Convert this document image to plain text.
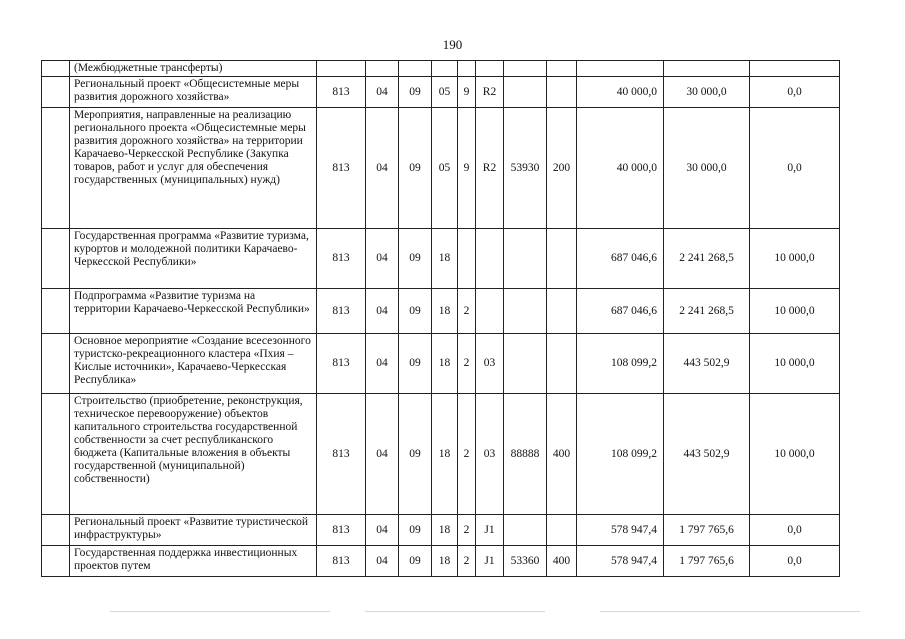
190
	(Межбюджетные трансферты)											
	Региональный проект «Общесистемные меры развития дорожного хозяйства»	813	04	09	05	9	R2			40 000,0	30 000,0	0,0
	Мероприятия, направленные на реализацию регионального проекта «Общесистемные меры развития дорожного хозяйства» на территории Карачаево-Черкесской Республике (Закупка товаров, работ и услуг для обеспечения государственных (муниципальных) нужд)	813	04	09	05	9	R2	53930	200	40 000,0	30 000,0	0,0
	Государственная программа «Развитие туризма, курортов и молодежной политики Карачаево-Черкесской Республики»	813	04	09	18					687 046,6	2 241 268,5	10 000,0
	Подпрограмма «Развитие туризма на территории Карачаево-Черкесской Республики»	813	04	09	18	2				687 046,6	2 241 268,5	10 000,0
	Основное мероприятие «Создание всесезонного туристско-рекреационного кластера «Пхия – Кислые источники», Карачаево-Черкесская Республика»	813	04	09	18	2	03			108 099,2	443 502,9	10 000,0
	Строительство (приобретение, реконструкция, техническое перевооружение) объектов капитального строительства государственной собственности за счет республиканского бюджета (Капитальные вложения в объекты государственной (муниципальной) собственности)	813	04	09	18	2	03	88888	400	108 099,2	443 502,9	10 000,0
	Региональный проект «Развитие туристической инфраструктуры»	813	04	09	18	2	J1			578 947,4	1 797 765,6	0,0
	Государственная поддержка инвестиционных проектов путем	813	04	09	18	2	J1	53360	400	578 947,4	1 797 765,6	0,0
